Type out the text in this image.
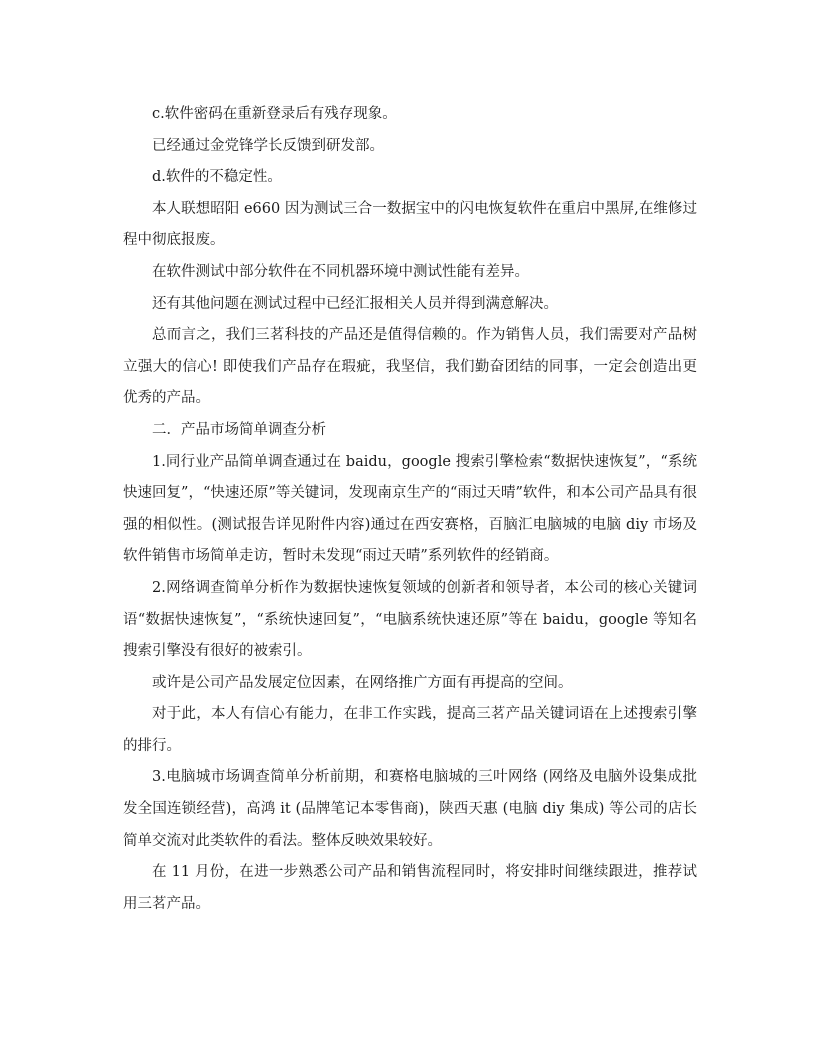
c.软件密码在重新登录后有残存现象。

已经通过金党锋学长反馈到研发部。

d.软件的不稳定性。

本人联想昭阳 e660 因为测试三合一数据宝中的闪电恢复软件在重启中黑屏,在维修过程中彻底报废。

在软件测试中部分软件在不同机器环境中测试性能有差异。

还有其他问题在测试过程中已经汇报相关人员并得到满意解决。

总而言之，我们三茗科技的产品还是值得信赖的。作为销售人员，我们需要对产品树立强大的信心! 即使我们产品存在瑕疵，我坚信，我们勤奋团结的同事，一定会创造出更优秀的产品。

二．产品市场简单调查分析

1.同行业产品简单调查通过在 baidu，google 搜索引擎检索“数据快速恢复”，“系统快速回复”，“快速还原”等关键词，发现南京生产的“雨过天晴”软件，和本公司产品具有很强的相似性。(测试报告详见附件内容)通过在西安赛格，百脑汇电脑城的电脑 diy 市场及软件销售市场简单走访，暂时未发现“雨过天晴”系列软件的经销商。

2.网络调查简单分析作为数据快速恢复领域的创新者和领导者，本公司的核心关键词语“数据快速恢复”，“系统快速回复”，“电脑系统快速还原”等在 baidu，google 等知名搜索引擎没有很好的被索引。

或许是公司产品发展定位因素，在网络推广方面有再提高的空间。

对于此，本人有信心有能力，在非工作实践，提高三茗产品关键词语在上述搜索引擎的排行。

3.电脑城市场调查简单分析前期，和赛格电脑城的三叶网络 (网络及电脑外设集成批发全国连锁经营)，高鸿 it (品牌笔记本零售商)，陕西天惠 (电脑 diy 集成) 等公司的店长简单交流对此类软件的看法。整体反映效果较好。

在 11 月份，在进一步熟悉公司产品和销售流程同时，将安排时间继续跟进，推荐试用三茗产品。
